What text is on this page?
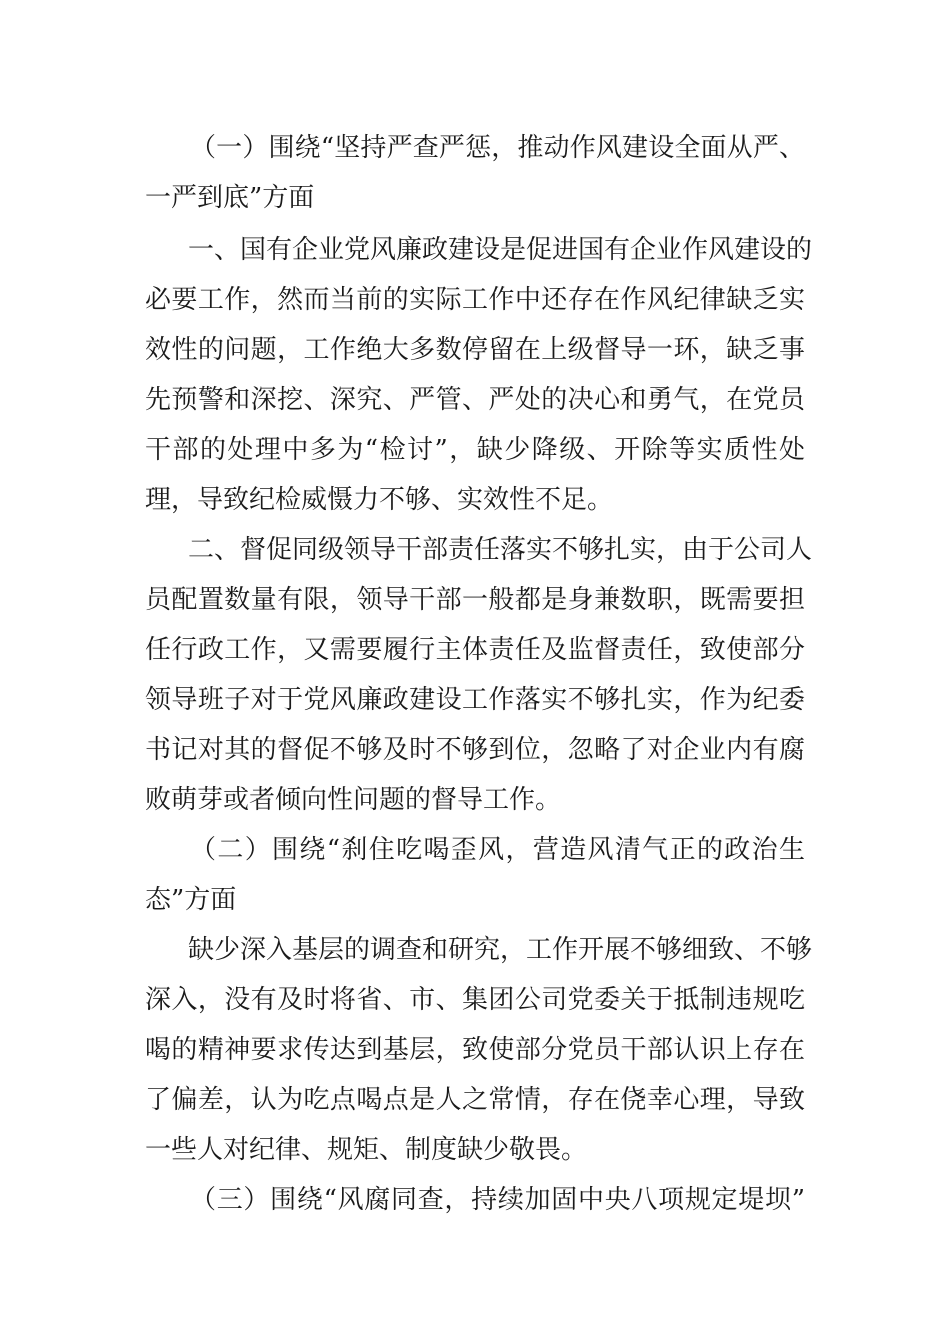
（一）围绕“坚持严查严惩，推动作风建设全面从严、
一严到底”方面
一、国有企业党风廉政建设是促进国有企业作风建设的
必要工作，然而当前的实际工作中还存在作风纪律缺乏实
效性的问题，工作绝大多数停留在上级督导一环，缺乏事
先预警和深挖、深究、严管、严处的决心和勇气，在党员
干部的处理中多为“检讨”，缺少降级、开除等实质性处
理，导致纪检威慑力不够、实效性不足。
二、督促同级领导干部责任落实不够扎实，由于公司人
员配置数量有限，领导干部一般都是身兼数职，既需要担
任行政工作，又需要履行主体责任及监督责任，致使部分
领导班子对于党风廉政建设工作落实不够扎实，作为纪委
书记对其的督促不够及时不够到位，忽略了对企业内有腐
败萌芽或者倾向性问题的督导工作。
（二）围绕“刹住吃喝歪风，营造风清气正的政治生
态”方面
缺少深入基层的调查和研究，工作开展不够细致、不够
深入，没有及时将省、市、集团公司党委关于抵制违规吃
喝的精神要求传达到基层，致使部分党员干部认识上存在
了偏差，认为吃点喝点是人之常情，存在侥幸心理，导致
一些人对纪律、规矩、制度缺少敬畏。
（三）围绕“风腐同查，持续加固中央八项规定堤坝”
